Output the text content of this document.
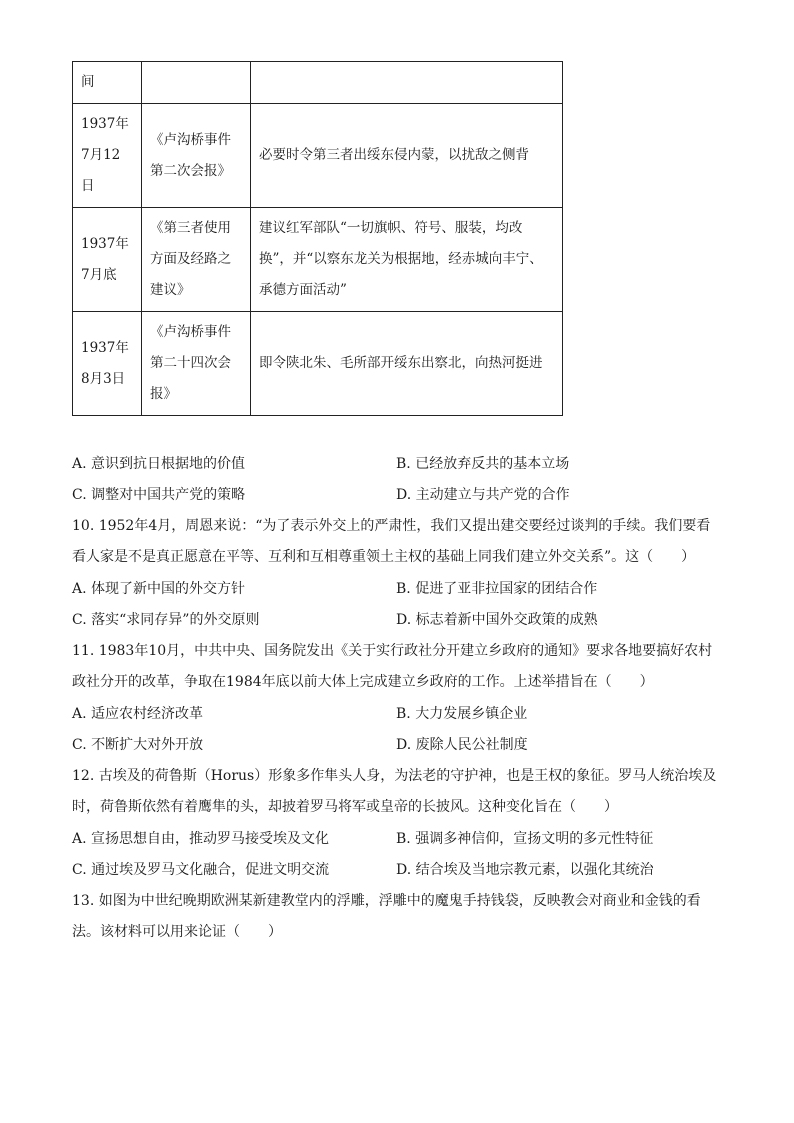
间		
1937年7月12日	《卢沟桥事件第二次会报》	必要时令第三者出绥东侵内蒙，以扰敌之侧背
1937年7月底	《第三者使用方面及经路之建议》	建议红军部队“一切旗帜、符号、服装，均改换”，并“以察东龙关为根据地，经赤城向丰宁、承德方面活动”
1937年8月3日	《卢沟桥事件第二十四次会报》	即令陕北朱、毛所部开绥东出察北，向热河挺进
A. 意识到抗日根据地的价值	B. 已经放弃反共的基本立场
C. 调整对中国共产党的策略	D. 主动建立与共产党的合作
10. 1952年4月，周恩来说：“为了表示外交上的严肃性，我们又提出建交要经过谈判的手续。我们要看
看人家是不是真正愿意在平等、互利和互相尊重领土主权的基础上同我们建立外交关系”。这（　　）
A. 体现了新中国的外交方针	B. 促进了亚非拉国家的团结合作
C. 落实“求同存异”的外交原则	D. 标志着新中国外交政策的成熟
11. 1983年10月，中共中央、国务院发出《关于实行政社分开建立乡政府的通知》要求各地要搞好农村
政社分开的改革，争取在1984年底以前大体上完成建立乡政府的工作。上述举措旨在（　　）
A. 适应农村经济改革	B. 大力发展乡镇企业
C. 不断扩大对外开放	D. 废除人民公社制度
12. 古埃及的荷鲁斯（Horus）形象多作隼头人身，为法老的守护神，也是王权的象征。罗马人统治埃及
时，荷鲁斯依然有着鹰隼的头，却披着罗马将军或皇帝的长披风。这种变化旨在（　　）
A. 宣扬思想自由，推动罗马接受埃及文化	B. 强调多神信仰，宣扬文明的多元性特征
C. 通过埃及罗马文化融合，促进文明交流	D. 结合埃及当地宗教元素，以强化其统治
13. 如图为中世纪晚期欧洲某新建教堂内的浮雕，浮雕中的魔鬼手持钱袋，反映教会对商业和金钱的看
法。该材料可以用来论证（　　）
